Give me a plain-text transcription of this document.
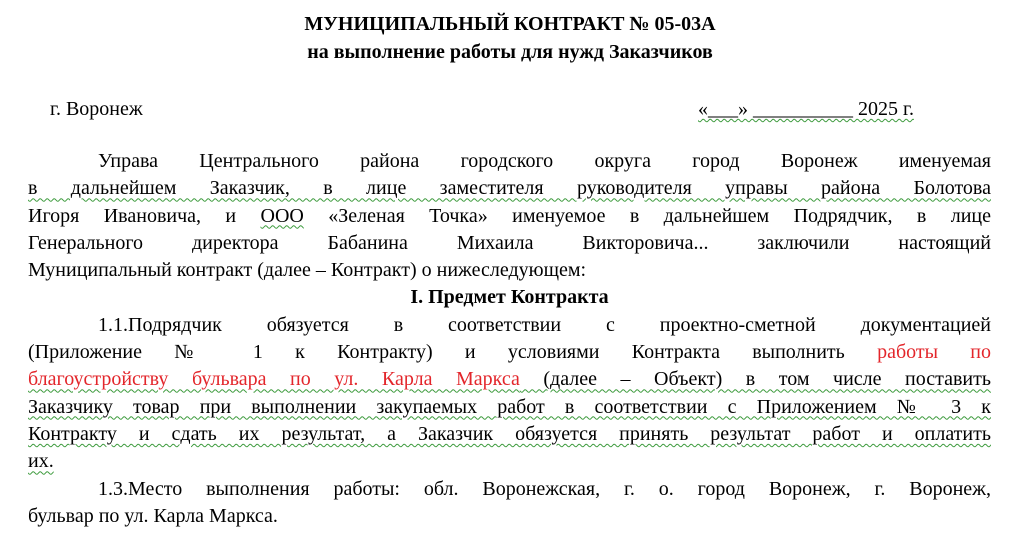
МУНИЦИПАЛЬНЫЙ КОНТРАКТ № 05-03А
на выполнение работы для нужд Заказчиков
г. Воронеж	«___» __________ 2025 г.
Управа Центрального района городского округа город Воронеж именуемая
в дальнейшем Заказчик, в лице заместителя руководителя управы района Болотова
Игоря Ивановича, и ООО «Зеленая Точка» именуемое в дальнейшем Подрядчик, в лице
Генерального директора Бабанина Михаила Викторовича... заключили настоящий
Муниципальный контракт (далее – Контракт) о нижеследующем:
I. Предмет Контракта
1.1.Подрядчик обязуется в соответствии с проектно-сметной документацией
(Приложение № 1 к Контракту) и условиями Контракта выполнить работы по
благоустройству бульвара по ул. Карла Маркса (далее – Объект) в том числе поставить
Заказчику товар при выполнении закупаемых работ в соответствии с Приложением № 3 к
Контракту и сдать их результат, а Заказчик обязуется принять результат работ и оплатить
их.
1.3.Место выполнения работы: обл. Воронежская, г. о. город Воронеж, г. Воронеж,
бульвар по ул. Карла Маркса.
